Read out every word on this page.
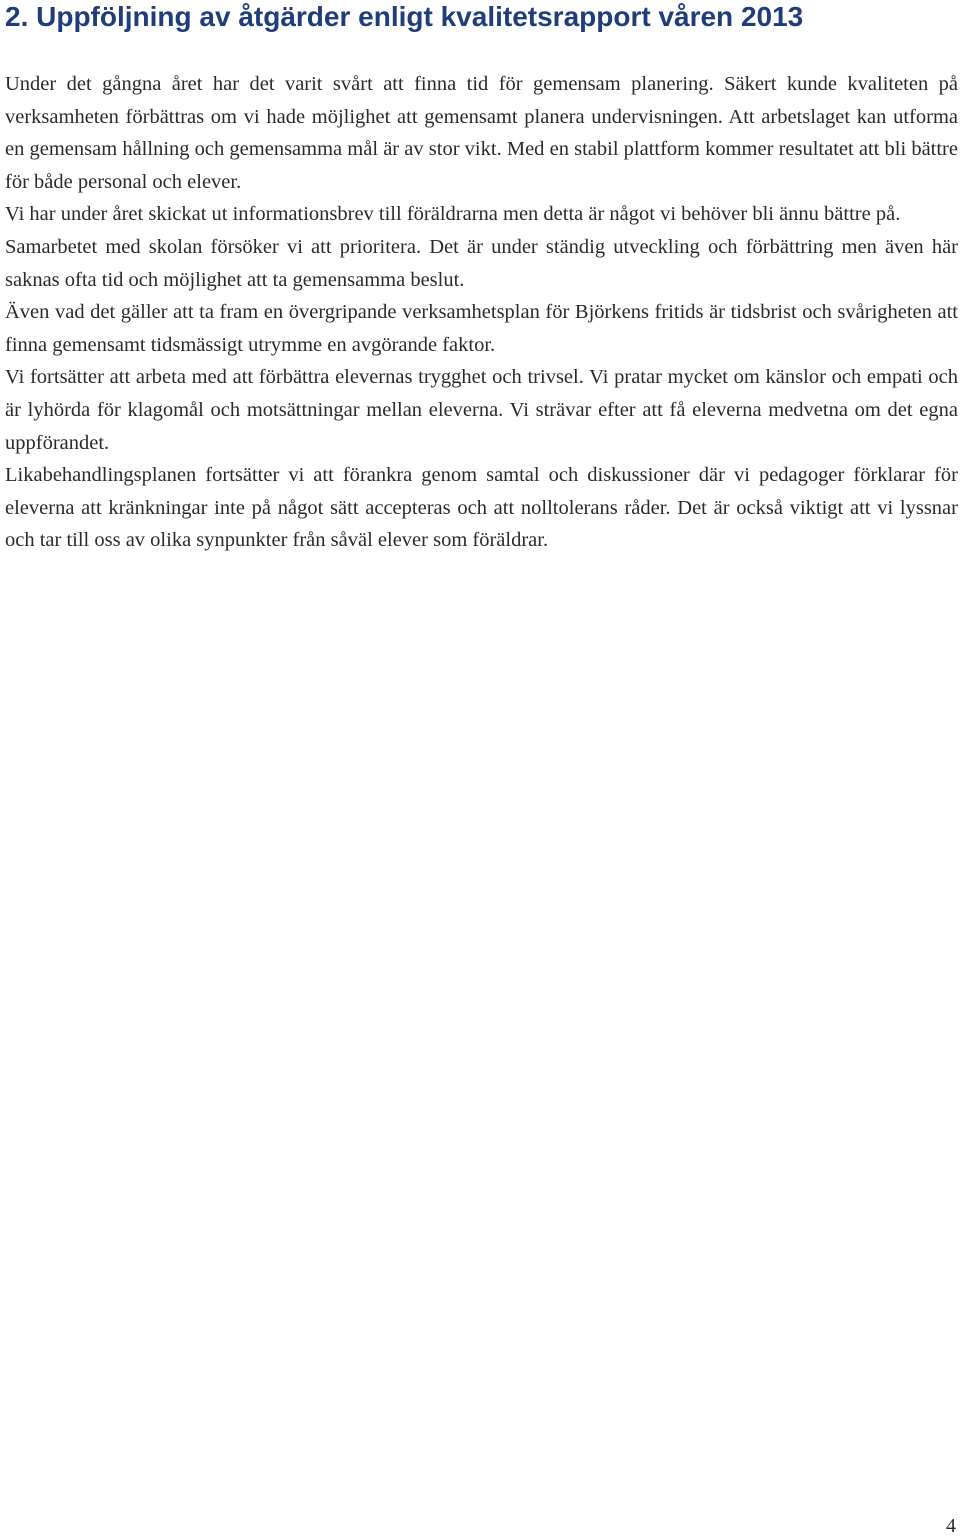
2. Uppföljning av åtgärder enligt kvalitetsrapport våren 2013

Under det gångna året har det varit svårt att finna tid för gemensam planering. Säkert kunde kvaliteten på verksamheten förbättras om vi hade möjlighet att gemensamt planera undervisningen. Att arbetslaget kan utforma en gemensam hållning och gemensamma mål är av stor vikt. Med en stabil plattform kommer resultatet att bli bättre för både personal och elever.

Vi har under året skickat ut informationsbrev till föräldrarna men detta är något vi behöver bli ännu bättre på.

Samarbetet med skolan försöker vi att prioritera. Det är under ständig utveckling och förbättring men även här saknas ofta tid och möjlighet att ta gemensamma beslut.

Även vad det gäller att ta fram en övergripande verksamhetsplan för Björkens fritids är tidsbrist och svårigheten att finna gemensamt tidsmässigt utrymme en avgörande faktor.

Vi fortsätter att arbeta med att förbättra elevernas trygghet och trivsel. Vi pratar mycket om känslor och empati och är lyhörda för klagomål och motsättningar mellan eleverna. Vi strävar efter att få eleverna medvetna om det egna uppförandet.

Likabehandlingsplanen fortsätter vi att förankra genom samtal och diskussioner där vi pedagoger förklarar för eleverna att kränkningar inte på något sätt accepteras och att nolltolerans råder. Det är också viktigt att vi lyssnar och tar till oss av olika synpunkter från såväl elever som föräldrar.

4
